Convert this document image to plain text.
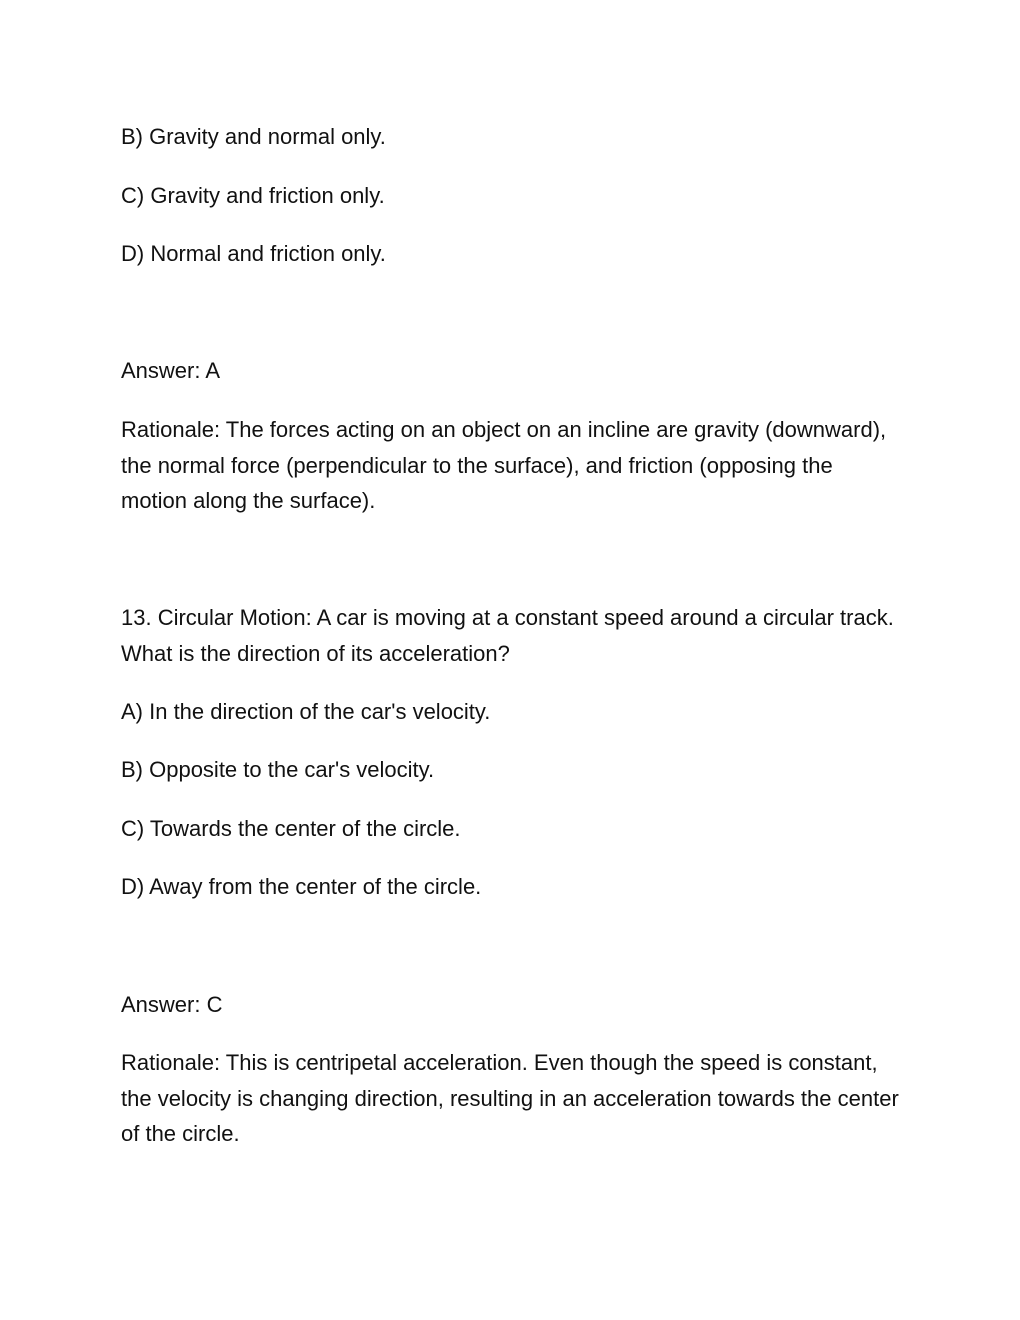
B) Gravity and normal only.

C) Gravity and friction only.

D) Normal and friction only.

Answer: A

Rationale: The forces acting on an object on an incline are gravity (downward), the normal force (perpendicular to the surface), and friction (opposing the motion along the surface).

13. Circular Motion: A car is moving at a constant speed around a circular track. What is the direction of its acceleration?

A) In the direction of the car's velocity.

B) Opposite to the car's velocity.

C) Towards the center of the circle.

D) Away from the center of the circle.

Answer: C

Rationale: This is centripetal acceleration. Even though the speed is constant, the velocity is changing direction, resulting in an acceleration towards the center of the circle.
